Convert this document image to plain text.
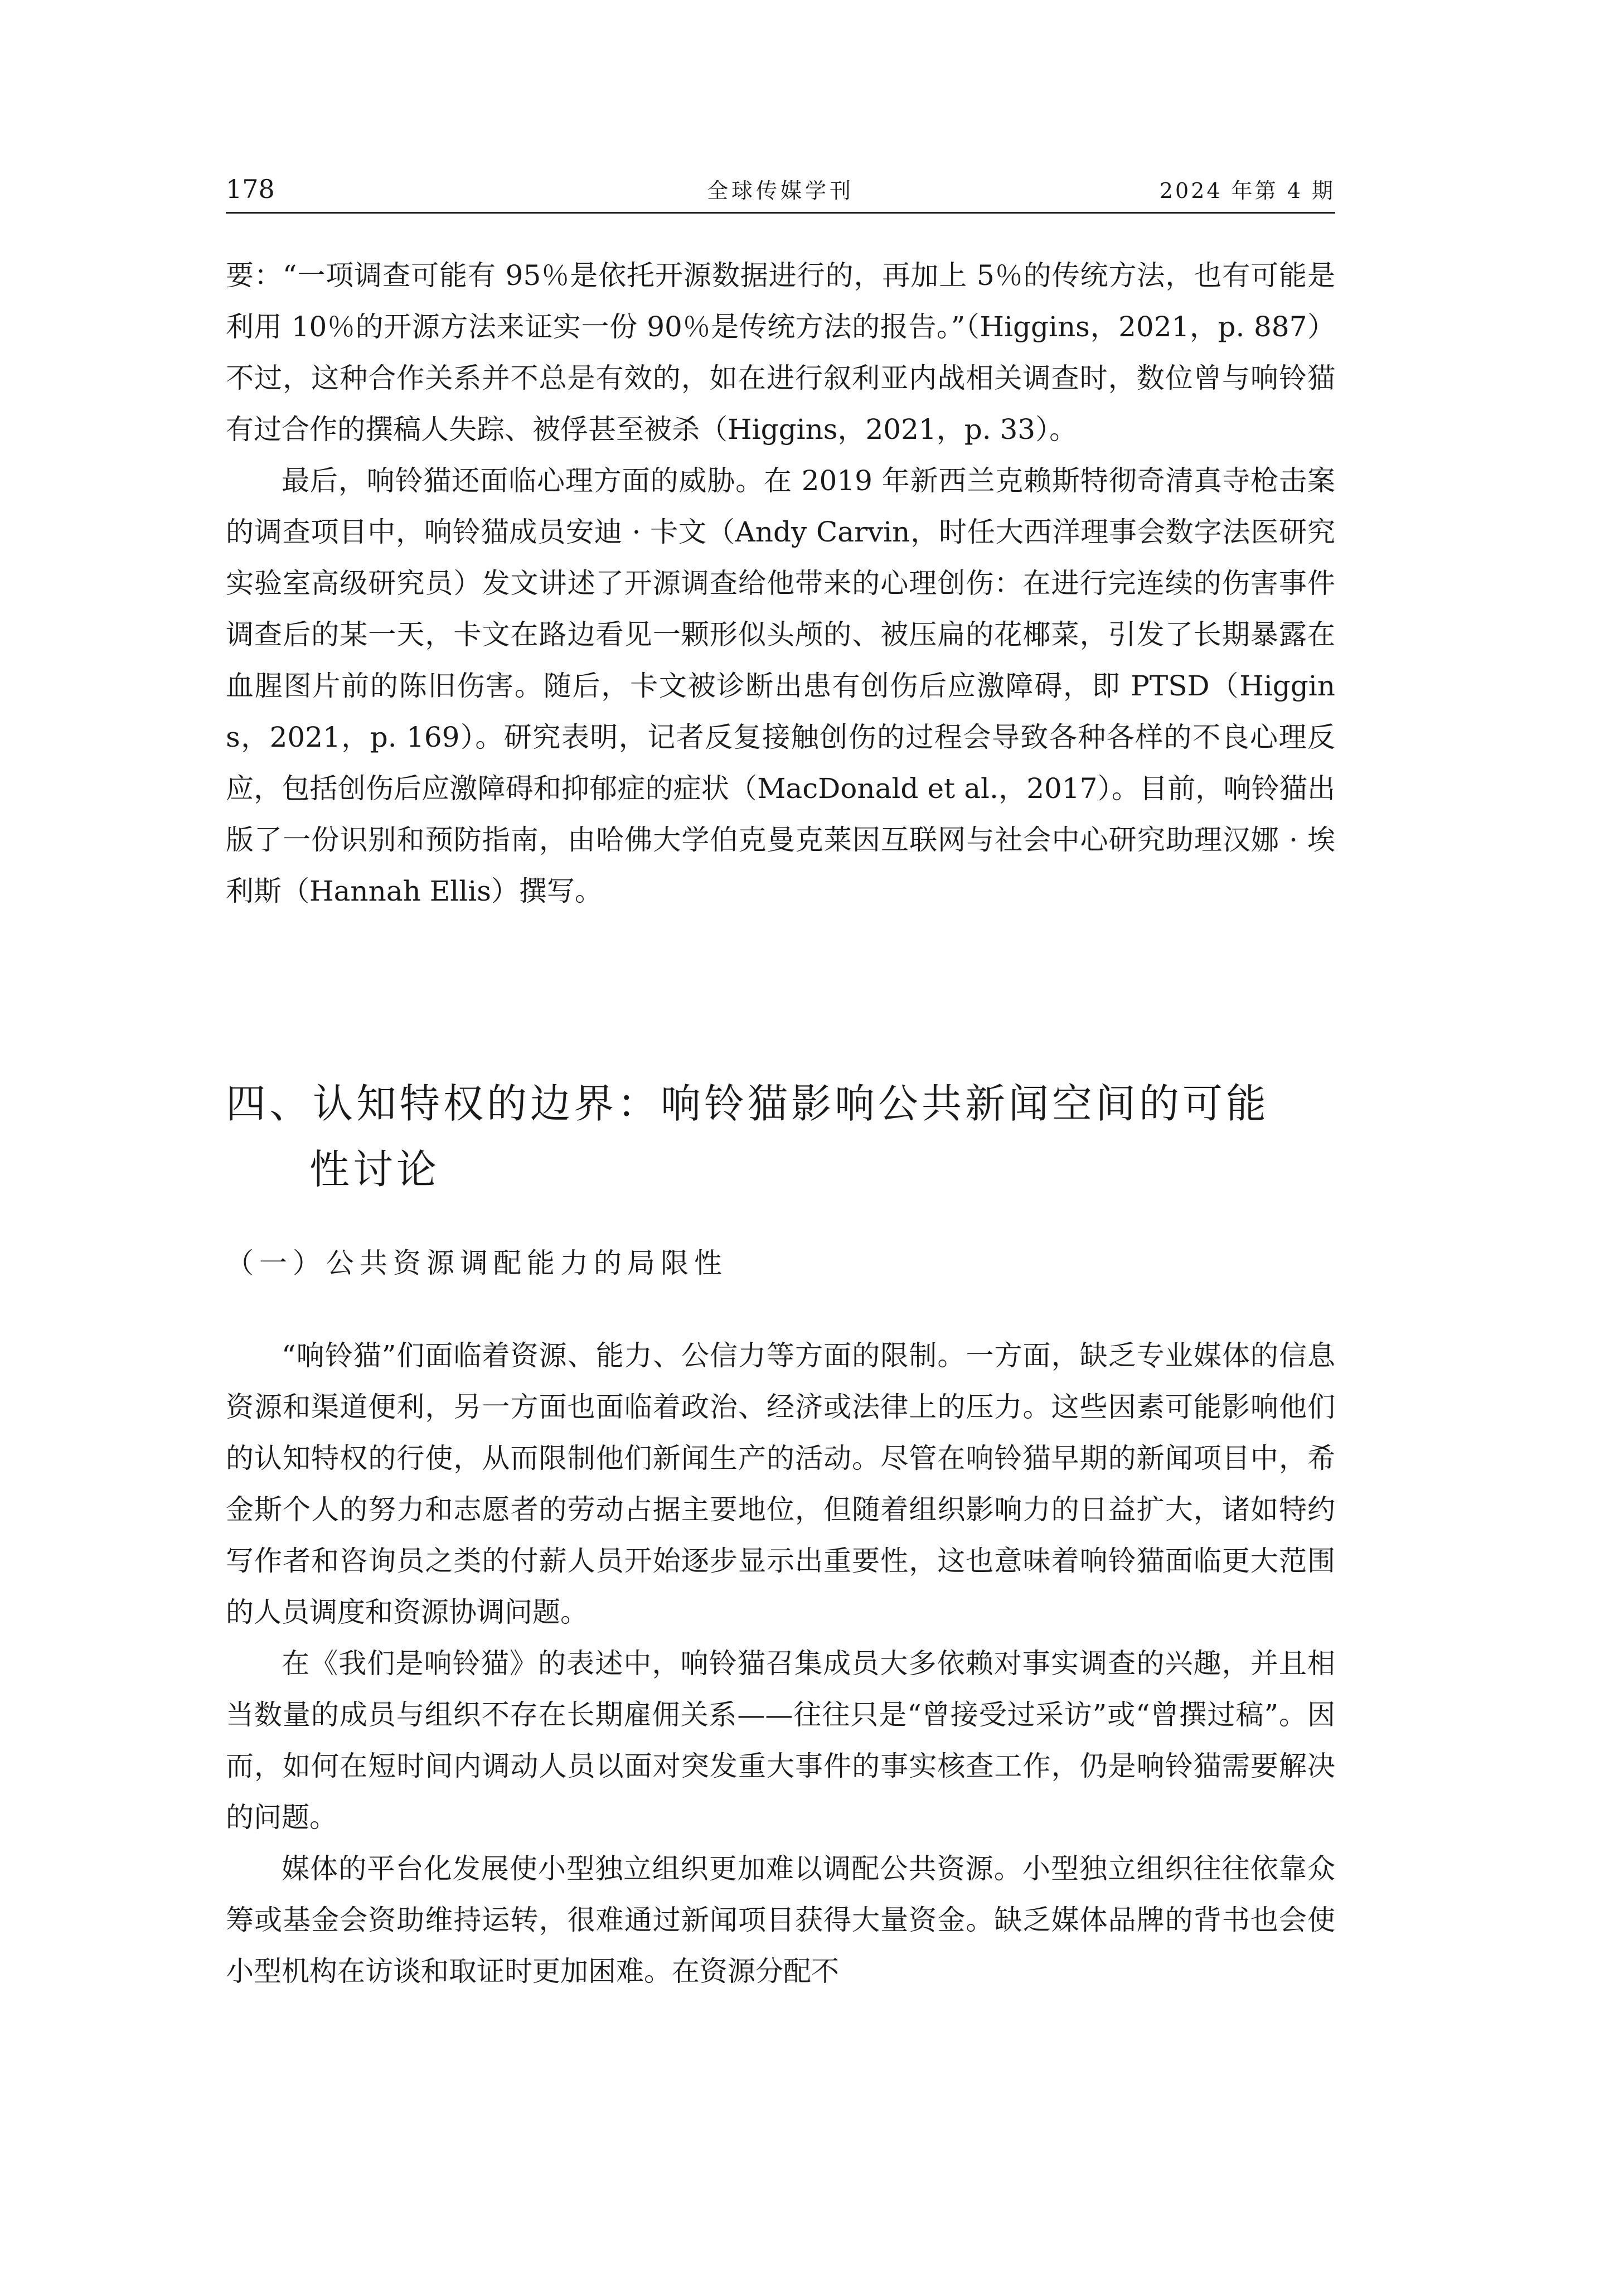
178	全球传媒学刊	2024 年第 4 期

要：“一项调查可能有 95％是依托开源数据进行的，再加上 5％的传统方法，也有可能是利用 10％的开源方法来证实一份 90％是传统方法的报告。”（Higgins，2021，p. 887）不过，这种合作关系并不总是有效的，如在进行叙利亚内战相关调查时，数位曾与响铃猫有过合作的撰稿人失踪、被俘甚至被杀（Higgins，2021，p. 33）。

最后，响铃猫还面临心理方面的威胁。在 2019 年新西兰克赖斯特彻奇清真寺枪击案的调查项目中，响铃猫成员安迪 · 卡文（Andy Carvin，时任大西洋理事会数字法医研究实验室高级研究员）发文讲述了开源调查给他带来的心理创伤：在进行完连续的伤害事件调查后的某一天，卡文在路边看见一颗形似头颅的、被压扁的花椰菜，引发了长期暴露在血腥图片前的陈旧伤害。随后，卡文被诊断出患有创伤后应激障碍，即 PTSD（Higgins，2021，p. 169）。研究表明，记者反复接触创伤的过程会导致各种各样的不良心理反应，包括创伤后应激障碍和抑郁症的症状（MacDonald et al.，2017）。目前，响铃猫出版了一份识别和预防指南，由哈佛大学伯克曼克莱因互联网与社会中心研究助理汉娜 · 埃利斯（Hannah Ellis）撰写。

四、认知特权的边界：响铃猫影响公共新闻空间的可能
性讨论
（一）公共资源调配能力的局限性

“响铃猫”们面临着资源、能力、公信力等方面的限制。一方面，缺乏专业媒体的信息资源和渠道便利，另一方面也面临着政治、经济或法律上的压力。这些因素可能影响他们的认知特权的行使，从而限制他们新闻生产的活动。尽管在响铃猫早期的新闻项目中，希金斯个人的努力和志愿者的劳动占据主要地位，但随着组织影响力的日益扩大，诸如特约写作者和咨询员之类的付薪人员开始逐步显示出重要性，这也意味着响铃猫面临更大范围的人员调度和资源协调问题。

在《我们是响铃猫》的表述中，响铃猫召集成员大多依赖对事实调查的兴趣，并且相当数量的成员与组织不存在长期雇佣关系——往往只是“曾接受过采访”或“曾撰过稿”。因而，如何在短时间内调动人员以面对突发重大事件的事实核查工作，仍是响铃猫需要解决的问题。

媒体的平台化发展使小型独立组织更加难以调配公共资源。小型独立组织往往依靠众筹或基金会资助维持运转，很难通过新闻项目获得大量资金。缺乏媒体品牌的背书也会使小型机构在访谈和取证时更加困难。在资源分配不
